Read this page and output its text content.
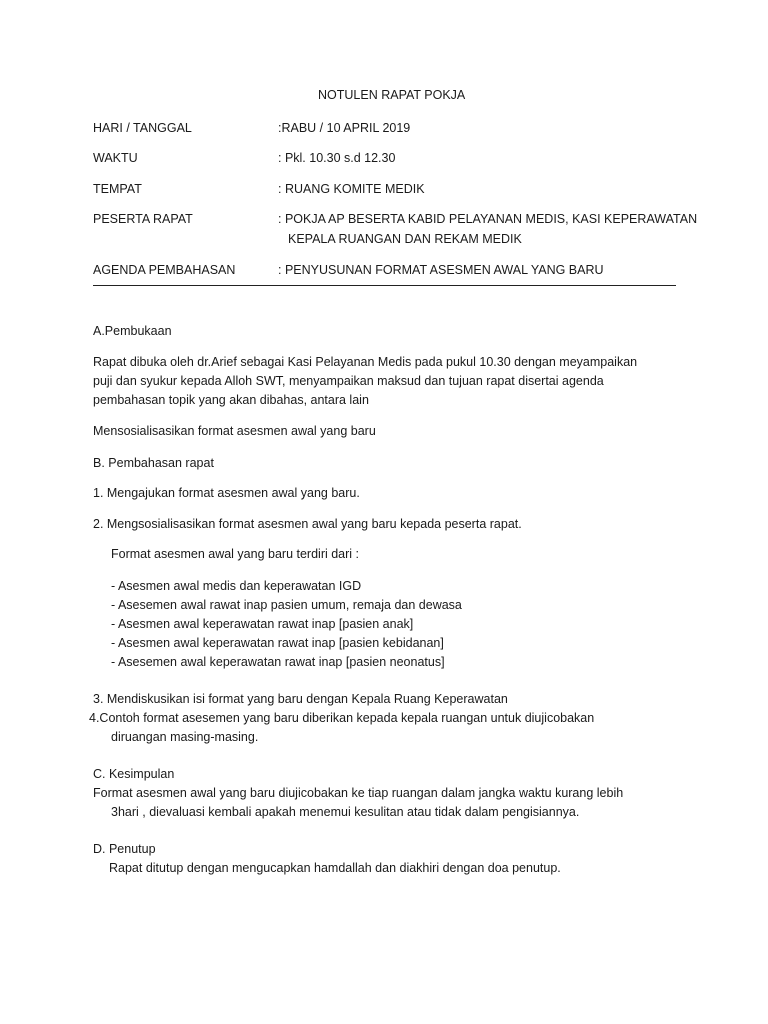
NOTULEN RAPAT POKJA
HARI / TANGGAL	:RABU / 10 APRIL 2019
WAKTU	: Pkl. 10.30 s.d 12.30
TEMPAT	: RUANG KOMITE MEDIK
PESERTA RAPAT	: POKJA AP BESERTA KABID PELAYANAN MEDIS, KASI KEPERAWATAN
KEPALA RUANGAN DAN REKAM MEDIK
AGENDA PEMBAHASAN	: PENYUSUNAN FORMAT ASESMEN AWAL YANG BARU
A.Pembukaan
Rapat dibuka oleh dr.Arief sebagai Kasi Pelayanan Medis pada pukul 10.30 dengan meyampaikan
puji dan syukur kepada Alloh SWT, menyampaikan maksud dan tujuan rapat disertai agenda
pembahasan topik yang akan dibahas, antara lain
Mensosialisasikan format asesmen awal yang baru
B. Pembahasan rapat
1. Mengajukan format asesmen awal yang baru.
2. Mengsosialisasikan format asesmen awal yang baru kepada peserta rapat.
Format asesmen awal yang baru terdiri dari :
- Asesmen awal medis dan keperawatan IGD
- Asesemen awal rawat inap pasien umum, remaja dan dewasa
- Asesmen awal keperawatan rawat inap [pasien anak]
- Asesmen awal keperawatan rawat inap [pasien kebidanan]
- Asesemen awal keperawatan rawat inap [pasien neonatus]
3. Mendiskusikan isi format yang baru dengan Kepala Ruang Keperawatan
4.Contoh format asesemen yang baru diberikan kepada kepala ruangan untuk diujicobakan
diruangan masing-masing.
C. Kesimpulan
Format asesmen awal yang baru diujicobakan ke tiap ruangan dalam jangka waktu kurang lebih
3hari , dievaluasi kembali apakah menemui kesulitan atau tidak dalam pengisiannya.
D. Penutup
Rapat ditutup dengan mengucapkan hamdallah dan diakhiri dengan doa penutup.
